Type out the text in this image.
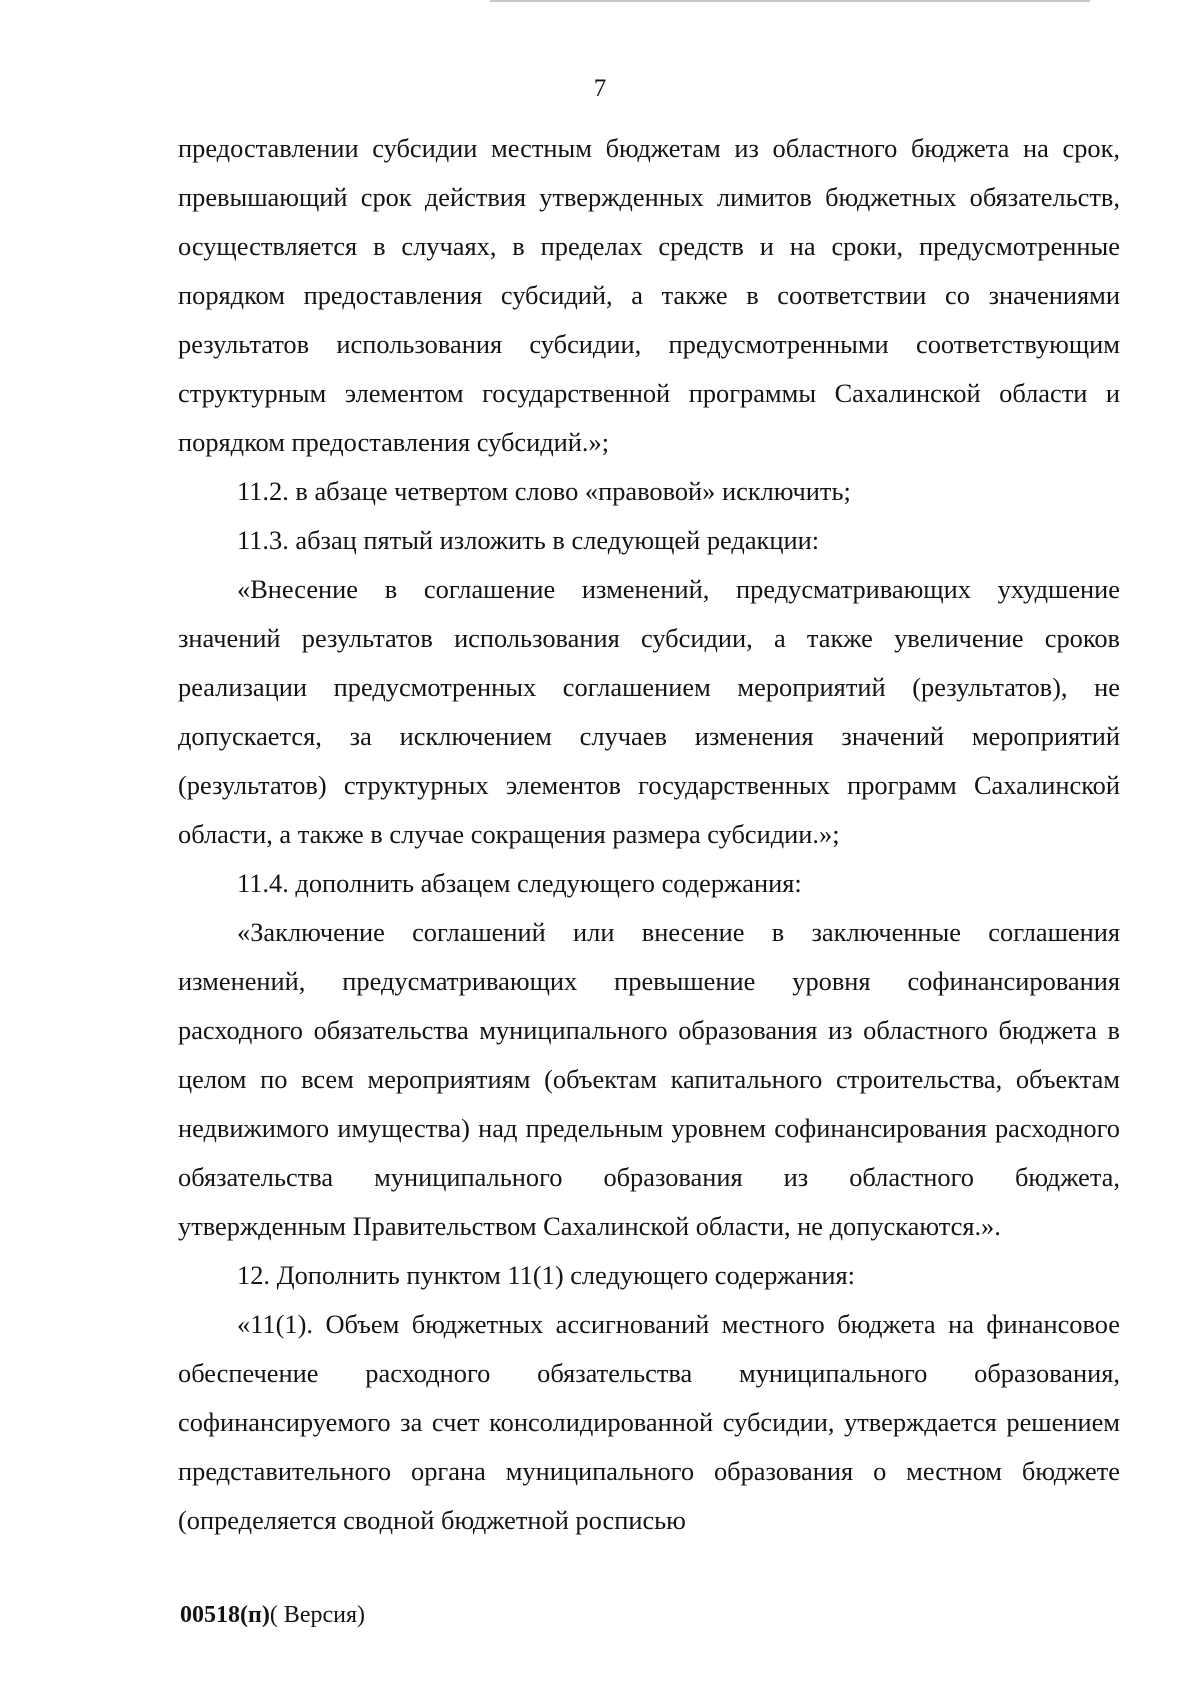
7

предоставлении субсидии местным бюджетам из областного бюджета на срок, превышающий срок действия утвержденных лимитов бюджетных обязательств, осуществляется в случаях, в пределах средств и на сроки, предусмотренные порядком предоставления субсидий, а также в соответствии со значениями результатов использования субсидии, предусмотренными соответствующим структурным элементом государственной программы Сахалинской области и порядком предоставления субсидий.»;

11.2. в абзаце четвертом слово «правовой» исключить;

11.3. абзац пятый изложить в следующей редакции:

«Внесение в соглашение изменений, предусматривающих ухудшение значений результатов использования субсидии, а также увеличение сроков реализации предусмотренных соглашением мероприятий (результатов), не допускается, за исключением случаев изменения значений мероприятий (результатов) структурных элементов государственных программ Сахалинской области, а также в случае сокращения размера субсидии.»;

11.4. дополнить абзацем следующего содержания:

«Заключение соглашений или внесение в заключенные соглашения изменений, предусматривающих превышение уровня софинансирования расходного обязательства муниципального образования из областного бюджета в целом по всем мероприятиям (объектам капитального строительства, объектам недвижимого имущества) над предельным уровнем софинансирования расходного обязательства муниципального образования из областного бюджета, утвержденным Правительством Сахалинской области, не допускаются.».

12. Дополнить пунктом 11(1) следующего содержания:

«11(1). Объем бюджетных ассигнований местного бюджета на финансовое обеспечение расходного обязательства муниципального образования, софинансируемого за счет консолидированной субсидии, утверждается решением представительного органа муниципального образования о местном бюджете (определяется сводной бюджетной росписью

00518(п)( Версия)
